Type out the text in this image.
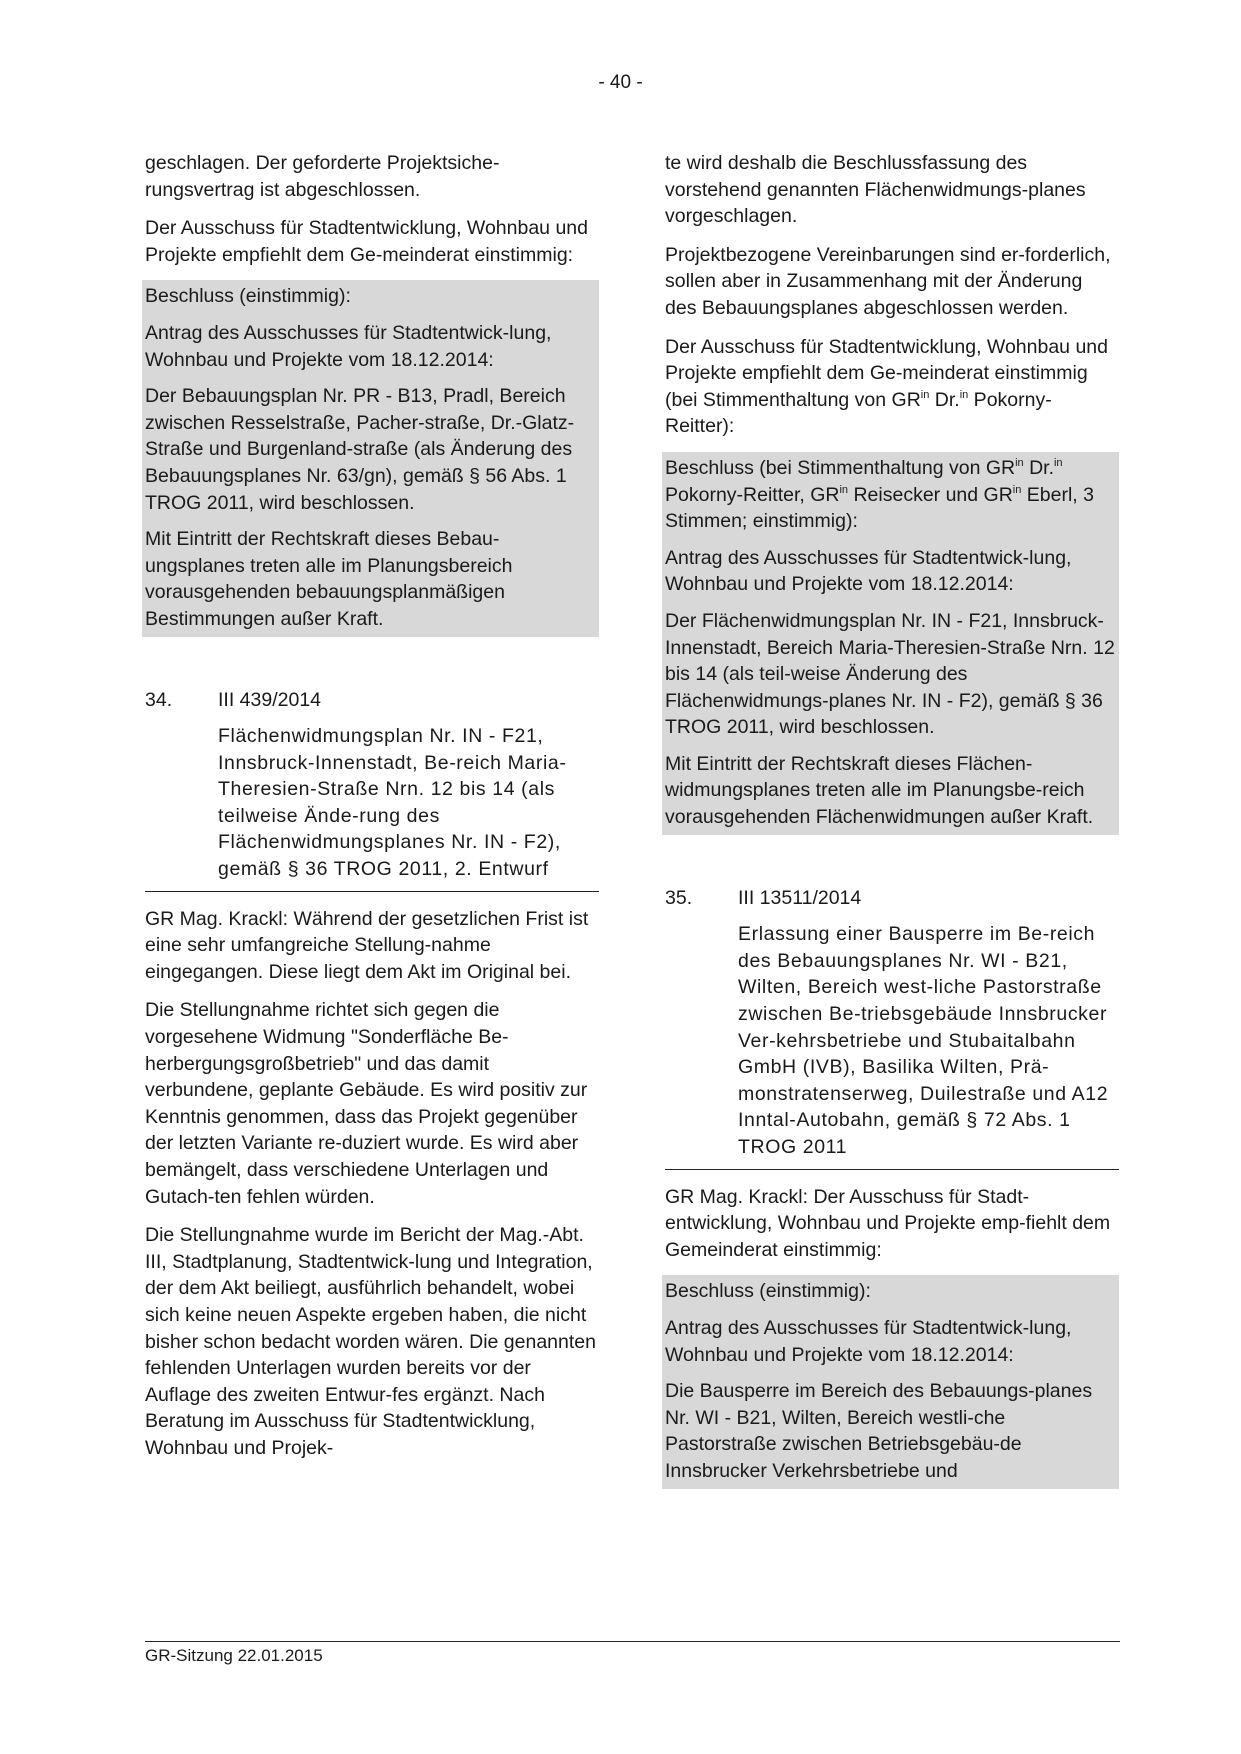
- 40 -

geschlagen. Der geforderte Projektsiche-rungsvertrag ist abgeschlossen.

Der Ausschuss für Stadtentwicklung, Wohnbau und Projekte empfiehlt dem Ge-meinderat einstimmig:

Beschluss (einstimmig):

Antrag des Ausschusses für Stadtentwick-lung, Wohnbau und Projekte vom 18.12.2014:

Der Bebauungsplan Nr. PR - B13, Pradl, Bereich zwischen Resselstraße, Pacher-straße, Dr.-Glatz-Straße und Burgenland-straße (als Änderung des Bebauungsplanes Nr. 63/gn), gemäß § 56 Abs. 1 TROG 2011, wird beschlossen.

Mit Eintritt der Rechtskraft dieses Bebau-ungsplanes treten alle im Planungsbereich vorausgehenden bebauungsplanmäßigen Bestimmungen außer Kraft.

34.	III 439/2014
Flächenwidmungsplan Nr. IN - F21, Innsbruck-Innenstadt, Be-reich Maria-Theresien-Straße Nrn. 12 bis 14 (als teilweise Ände-rung des Flächenwidmungsplanes Nr. IN - F2), gemäß § 36 TROG 2011, 2. Entwurf

GR Mag. Krackl: Während der gesetzlichen Frist ist eine sehr umfangreiche Stellung-nahme eingegangen. Diese liegt dem Akt im Original bei.

Die Stellungnahme richtet sich gegen die vorgesehene Widmung "Sonderfläche Be-herbergungsgroßbetrieb" und das damit verbundene, geplante Gebäude. Es wird positiv zur Kenntnis genommen, dass das Projekt gegenüber der letzten Variante re-duziert wurde. Es wird aber bemängelt, dass verschiedene Unterlagen und Gutach-ten fehlen würden.

Die Stellungnahme wurde im Bericht der Mag.-Abt. III, Stadtplanung, Stadtentwick-lung und Integration, der dem Akt beiliegt, ausführlich behandelt, wobei sich keine neuen Aspekte ergeben haben, die nicht bisher schon bedacht worden wären. Die genannten fehlenden Unterlagen wurden bereits vor der Auflage des zweiten Entwur-fes ergänzt. Nach Beratung im Ausschuss für Stadtentwicklung, Wohnbau und Projek-

te wird deshalb die Beschlussfassung des vorstehend genannten Flächenwidmungs-planes vorgeschlagen.

Projektbezogene Vereinbarungen sind er-forderlich, sollen aber in Zusammenhang mit der Änderung des Bebauungsplanes abgeschlossen werden.

Der Ausschuss für Stadtentwicklung, Wohnbau und Projekte empfiehlt dem Ge-meinderat einstimmig (bei Stimmenthaltung von $GR^{in}$ Dr.$^{in}$ Pokorny-Reitter):

Beschluss (bei Stimmenthaltung von $GR^{in}$ Dr.$^{in}$ Pokorny-Reitter, $GR^{in}$ Reisecker und $GR^{in}$ Eberl, 3 Stimmen; einstimmig):

Antrag des Ausschusses für Stadtentwick-lung, Wohnbau und Projekte vom 18.12.2014:

Der Flächenwidmungsplan Nr. IN - F21, Innsbruck-Innenstadt, Bereich Maria-Theresien-Straße Nrn. 12 bis 14 (als teil-weise Änderung des Flächenwidmungs-planes Nr. IN - F2), gemäß § 36 TROG 2011, wird beschlossen.

Mit Eintritt der Rechtskraft dieses Flächen-widmungsplanes treten alle im Planungsbe-reich vorausgehenden Flächenwidmungen außer Kraft.

35.	III 13511/2014
Erlassung einer Bausperre im Be-reich des Bebauungsplanes Nr. WI - B21, Wilten, Bereich west-liche Pastorstraße zwischen Be-triebsgebäude Innsbrucker Ver-kehrsbetriebe und Stubaitalbahn GmbH (IVB), Basilika Wilten, Prä-monstratenserweg, Duilestraße und A12 Inntal-Autobahn, gemäß § 72 Abs. 1 TROG 2011

GR Mag. Krackl: Der Ausschuss für Stadt-entwicklung, Wohnbau und Projekte emp-fiehlt dem Gemeinderat einstimmig:

Beschluss (einstimmig):

Antrag des Ausschusses für Stadtentwick-lung, Wohnbau und Projekte vom 18.12.2014:

Die Bausperre im Bereich des Bebauungs-planes Nr. WI - B21, Wilten, Bereich westli-che Pastorstraße zwischen Betriebsgebäu-de Innsbrucker Verkehrsbetriebe und

GR-Sitzung 22.01.2015
